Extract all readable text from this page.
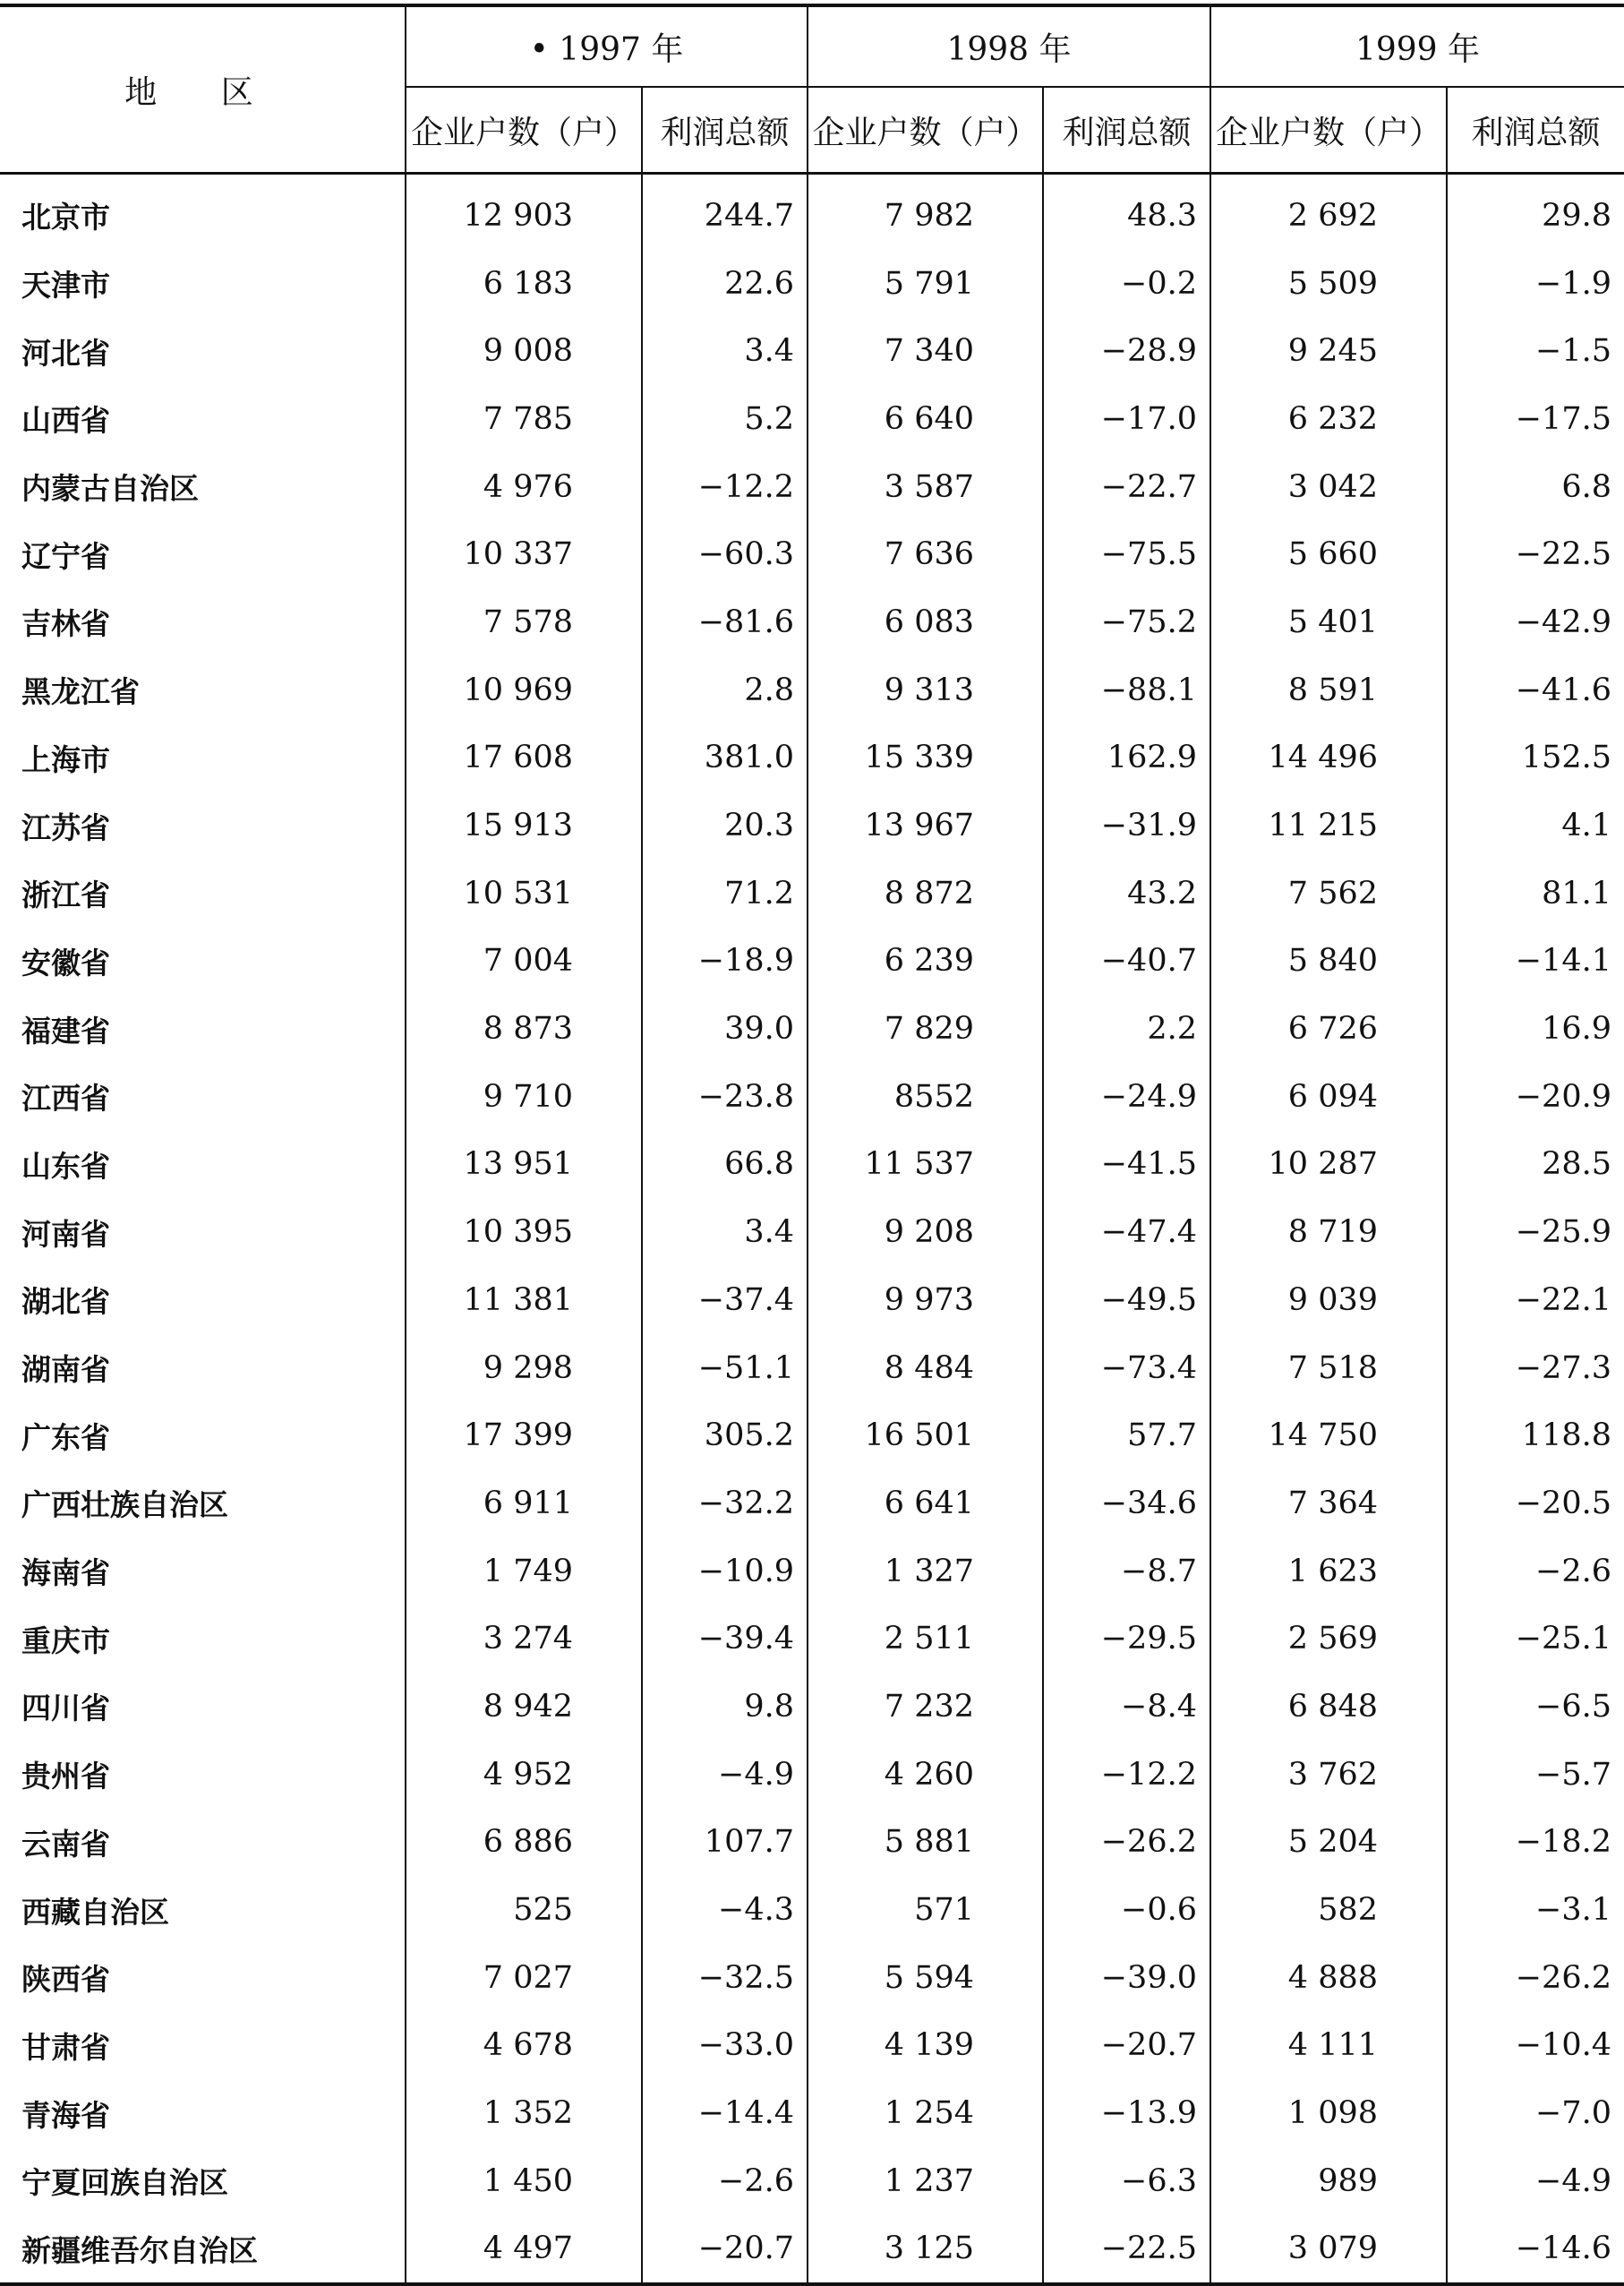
地 区	• 1997 年		1998 年		1999 年	
	企业户数（户）	利润总额	企业户数（户）	利润总额	企业户数（户）	利润总额
北京市	12 903	244.7	7 982	48.3	2 692	29.8
天津市	6 183	22.6	5 791	−0.2	5 509	−1.9
河北省	9 008	3.4	7 340	−28.9	9 245	−1.5
山西省	7 785	5.2	6 640	−17.0	6 232	−17.5
内蒙古自治区	4 976	−12.2	3 587	−22.7	3 042	6.8
辽宁省	10 337	−60.3	7 636	−75.5	5 660	−22.5
吉林省	7 578	−81.6	6 083	−75.2	5 401	−42.9
黑龙江省	10 969	2.8	9 313	−88.1	8 591	−41.6
上海市	17 608	381.0	15 339	162.9	14 496	152.5
江苏省	15 913	20.3	13 967	−31.9	11 215	4.1
浙江省	10 531	71.2	8 872	43.2	7 562	81.1
安徽省	7 004	−18.9	6 239	−40.7	5 840	−14.1
福建省	8 873	39.0	7 829	2.2	6 726	16.9
江西省	9 710	−23.8	8552	−24.9	6 094	−20.9
山东省	13 951	66.8	11 537	−41.5	10 287	28.5
河南省	10 395	3.4	9 208	−47.4	8 719	−25.9
湖北省	11 381	−37.4	9 973	−49.5	9 039	−22.1
湖南省	9 298	−51.1	8 484	−73.4	7 518	−27.3
广东省	17 399	305.2	16 501	57.7	14 750	118.8
广西壮族自治区	6 911	−32.2	6 641	−34.6	7 364	−20.5
海南省	1 749	−10.9	1 327	−8.7	1 623	−2.6
重庆市	3 274	−39.4	2 511	−29.5	2 569	−25.1
四川省	8 942	9.8	7 232	−8.4	6 848	−6.5
贵州省	4 952	−4.9	4 260	−12.2	3 762	−5.7
云南省	6 886	107.7	5 881	−26.2	5 204	−18.2
西藏自治区	525	−4.3	571	−0.6	582	−3.1
陕西省	7 027	−32.5	5 594	−39.0	4 888	−26.2
甘肃省	4 678	−33.0	4 139	−20.7	4 111	−10.4
青海省	1 352	−14.4	1 254	−13.9	1 098	−7.0
宁夏回族自治区	1 450	−2.6	1 237	−6.3	989	−4.9
新疆维吾尔自治区	4 497	−20.7	3 125	−22.5	3 079	−14.6
